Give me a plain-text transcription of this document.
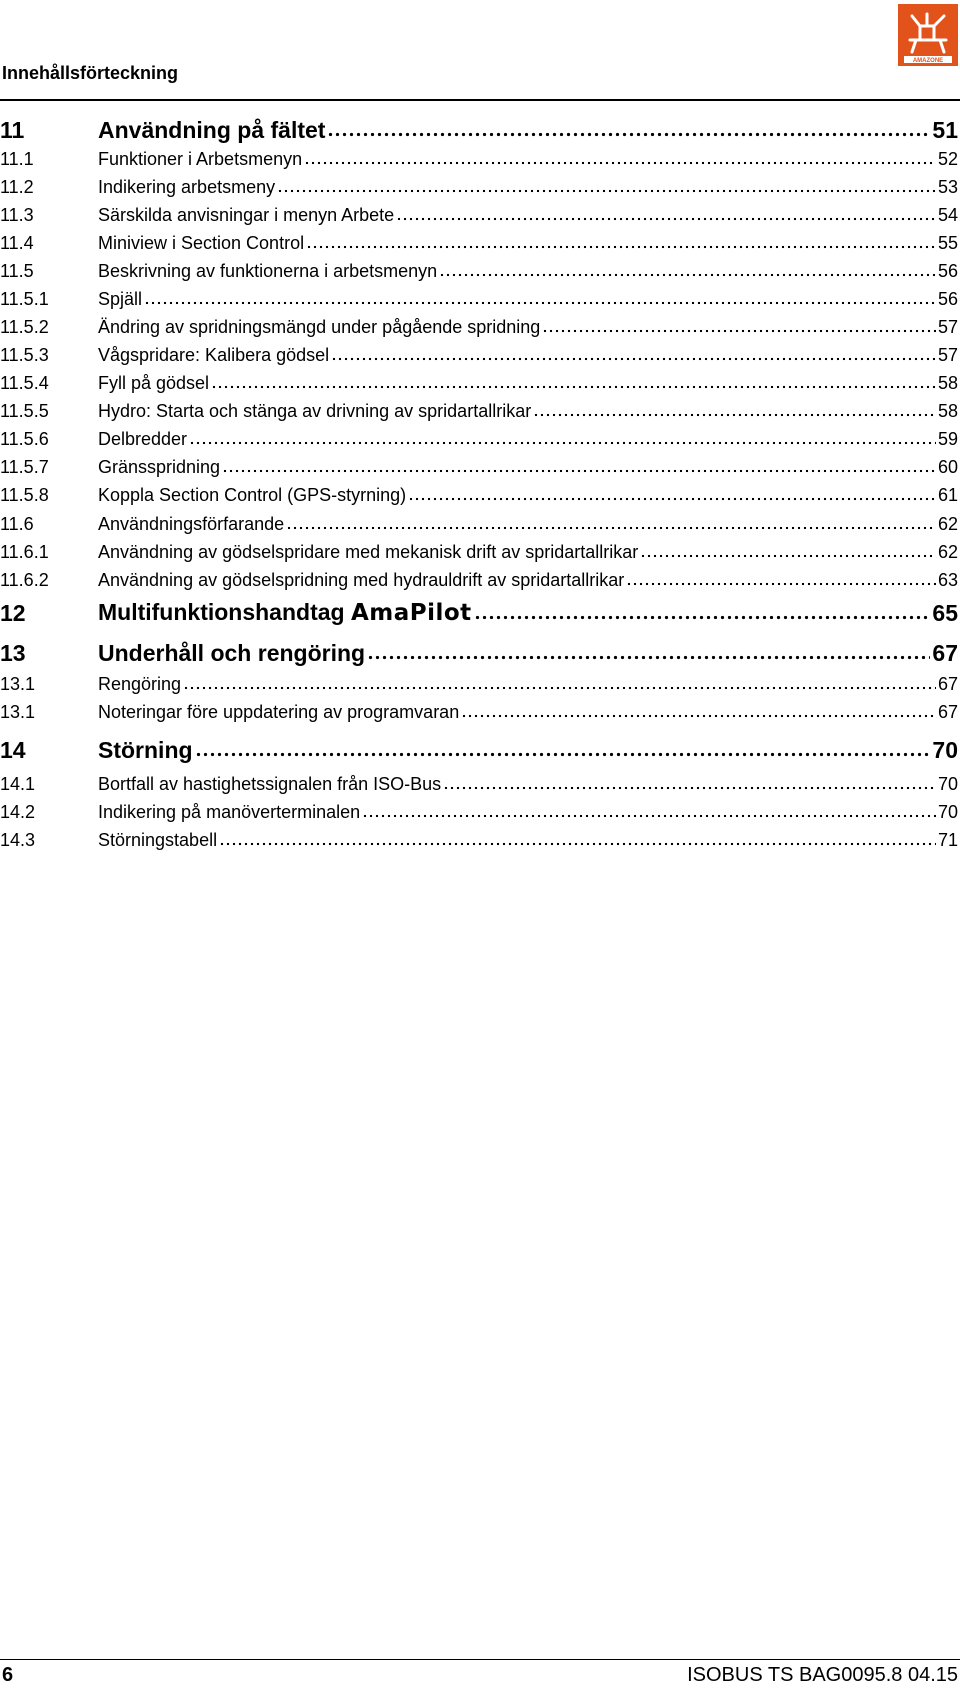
Innehållsförteckning
AMAZONE
11	Användning på fältet	51
11.1	Funktioner i Arbetsmenyn	52
11.2	Indikering arbetsmeny	53
11.3	Särskilda anvisningar i menyn Arbete	54
11.4	Miniview i Section Control	55
11.5	Beskrivning av funktionerna i arbetsmenyn	56
11.5.1	Spjäll	56
11.5.2	Ändring av spridningsmängd under pågående spridning	57
11.5.3	Vågspridare: Kalibera gödsel	57
11.5.4	Fyll på gödsel	58
11.5.5	Hydro: Starta och stänga av drivning av spridartallrikar	58
11.5.6	Delbredder	59
11.5.7	Gränsspridning	60
11.5.8	Koppla Section Control (GPS-styrning)	61
11.6	Användningsförfarande	62
11.6.1	Användning av gödselspridare med mekanisk drift av spridartallrikar	62
11.6.2	Användning av gödselspridning med hydrauldrift av spridartallrikar	63
12	Multifunktionshandtag AmaPilot	65
13	Underhåll och rengöring	67
13.1	Rengöring	67
13.1	Noteringar före uppdatering av programvaran	67
14	Störning	70
14.1	Bortfall av hastighetssignalen från ISO-Bus	70
14.2	Indikering på manöverterminalen	70
14.3	Störningstabell	71
6	ISOBUS TS BAG0095.8 04.15
